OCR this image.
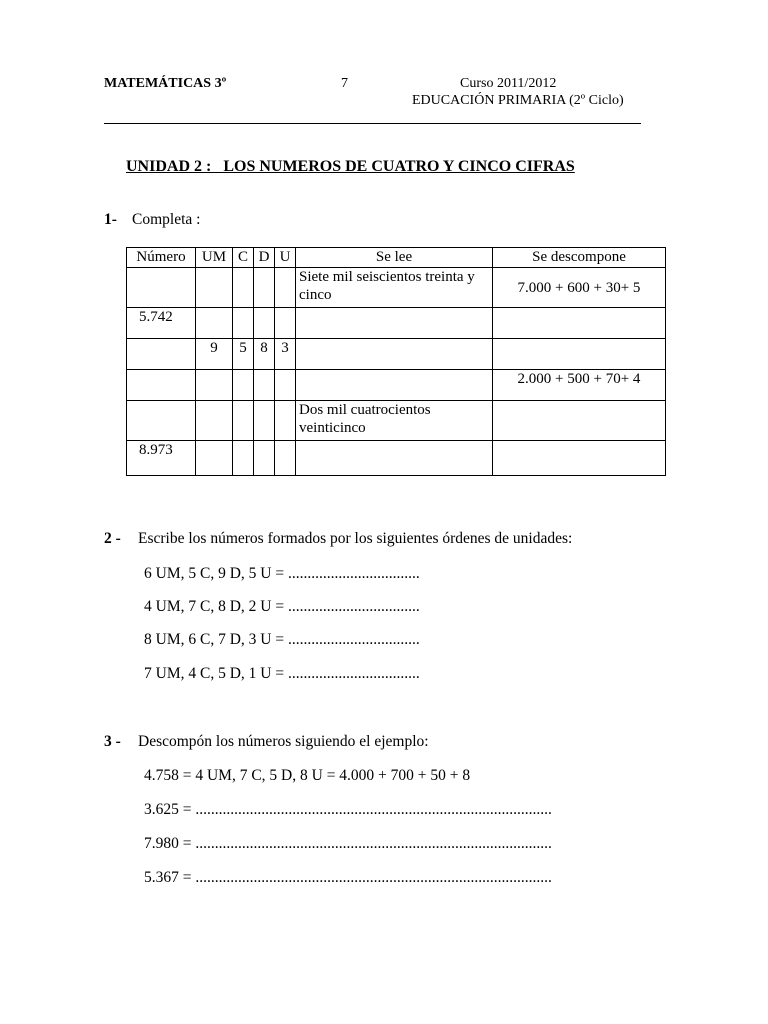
MATEMÁTICAS 3º	7	Curso 2011/2012
EDUCACIÓN PRIMARIA (2º Ciclo)
UNIDAD 2 :   LOS NUMEROS DE CUATRO Y CINCO CIFRAS
1- Completa :
Número	UM	C	D	U	Se lee	Se descompone
					Siete mil seiscientos treinta y cinco	7.000 + 600 + 30+ 5
5.742						
	9	5	8	3		
						2.000 + 500 + 70+ 4
					Dos mil cuatrocientos veinticinco	
8.973						
2 - Escribe los números formados por los siguientes órdenes de unidades:
6 UM, 5 C, 9 D, 5 U = ..................................
4 UM, 7 C, 8 D, 2 U = ..................................
8 UM, 6 C, 7 D, 3 U = ..................................
7 UM, 4 C, 5 D, 1 U = ..................................
3 - Descompón los números siguiendo el ejemplo:
4.758 = 4 UM, 7 C, 5 D, 8 U = 4.000 + 700 + 50 + 8
3.625 = ............................................................................................
7.980 = ............................................................................................
5.367 = ............................................................................................
